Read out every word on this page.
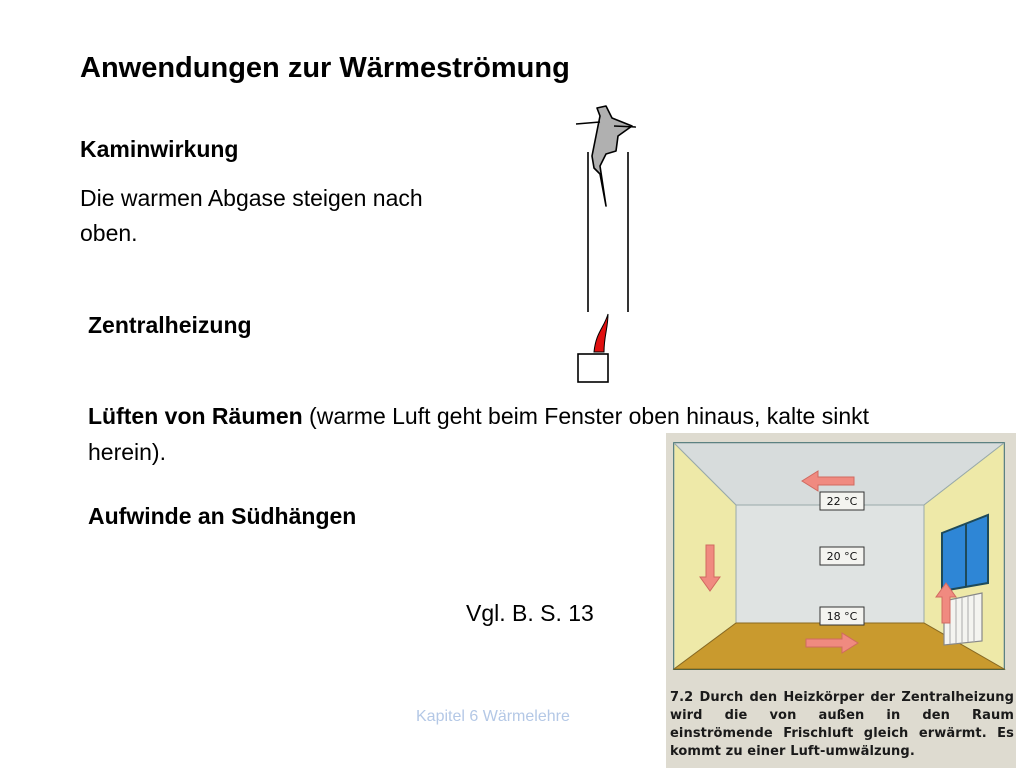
Anwendungen zur Wärmeströmung
Kaminwirkung
Die warmen Abgase steigen nach oben.
Zentralheizung
Lüften von Räumen (warme Luft geht beim Fenster oben hinaus, kalte sinkt herein).
Aufwinde an Südhängen
Vgl. B. S. 13
Kapitel 6 Wärmelehre
22 °C
20 °C
18 °C
7.2 Durch den Heizkörper der Zentralheizung wird die von außen in den Raum einströmende Frischluft gleich erwärmt. Es kommt zu einer Luft-umwälzung.
